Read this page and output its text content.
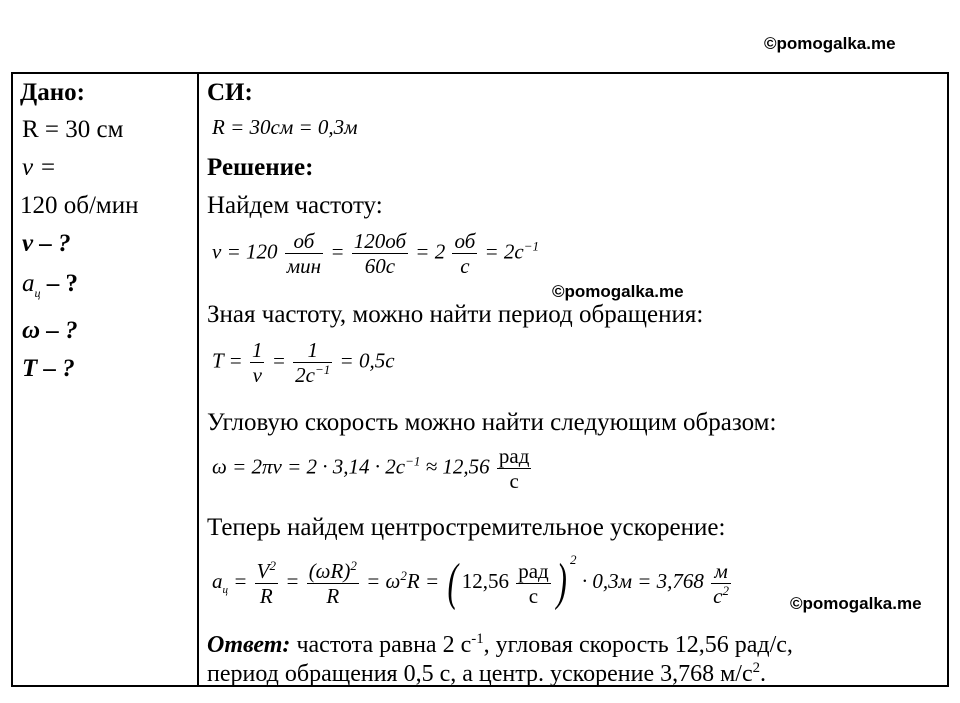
©pomogalka.me
Дано:
R = 30 см
ν =
120 об/мин
ν – ?
$a_ц$ – ?
ω – ?
T – ?
СИ:
R = 30см = 0,3м
Решение:
Найдем частоту:
$\nu = 120 \frac{об}{\text{мин}} = \frac{120об}{60с} = 2 \frac{об}{с} = 2с^{-1}$
©pomogalka.me
Зная частоту, можно найти период обращения:
$T = \frac{1}{\nu} = \frac{1}{2с^{-1}} = 0,5с$
Угловую скорость можно найти следующим образом:
$\omega = 2\pi\nu = 2 \cdot 3,14 \cdot 2с^{-1} \approx 12,56 \frac{\text{рад}}{с}$
Теперь найдем центростремительное ускорение:
$a_ц = \frac{V^2}{R} = \frac{(\omega R)^2}{R} = \omega^2R$ = ( $12,56 \frac{\text{рад}}{с}$ ) $^2 \cdot 0,3м = 3,768 \frac{м}{с^2}$	©pomogalka.me
Ответ: частота равна 2 $с^{-1}$, угловая скорость 12,56 рад/с,
период обращения 0,5 с, а центр. ускорение 3,768 $м/с^2$.
